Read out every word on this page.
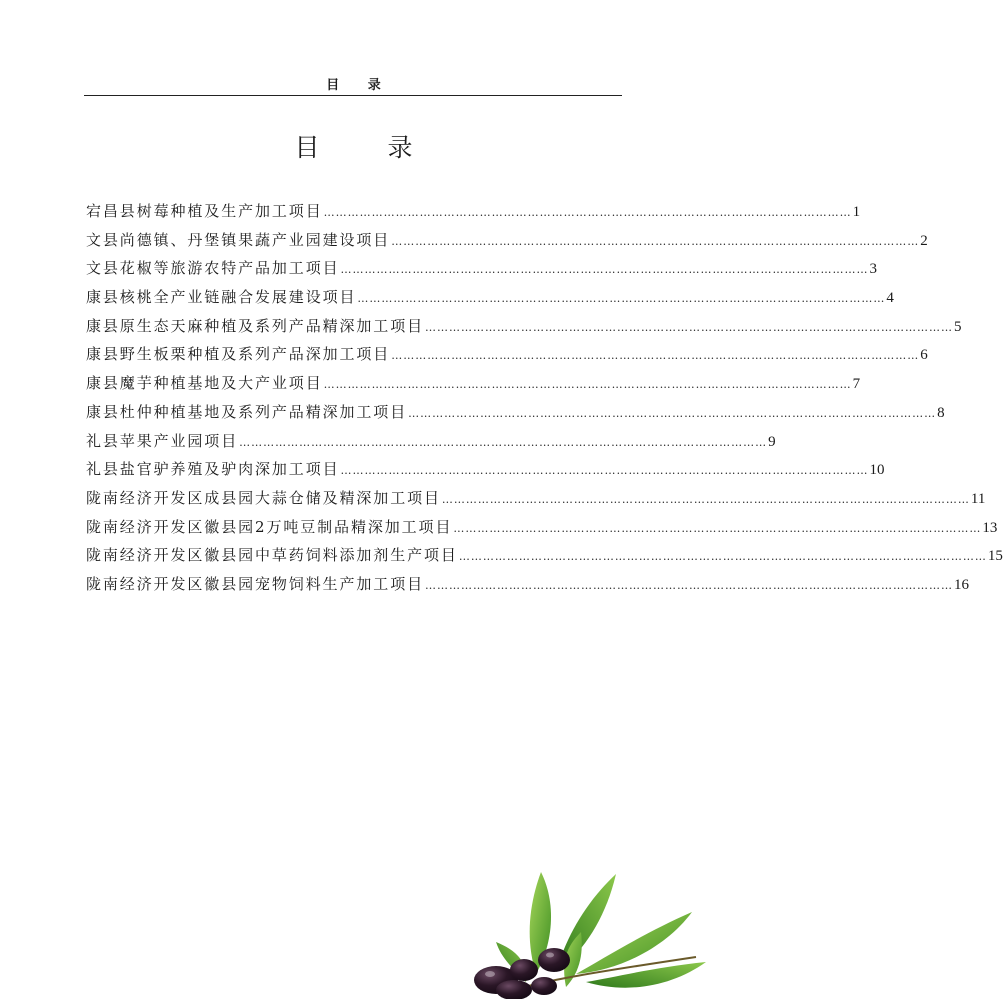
目 录
目 录
宕昌县树莓种植及生产加工项目 …………………………………………………………………………………………………………………… 1
文县尚德镇、丹堡镇果蔬产业园建设项目 …………………………………………………………………………………………………………………… 2
文县花椒等旅游农特产品加工项目 …………………………………………………………………………………………………………………… 3
康县核桃全产业链融合发展建设项目 …………………………………………………………………………………………………………………… 4
康县原生态天麻种植及系列产品精深加工项目 …………………………………………………………………………………………………………………… 5
康县野生板栗种植及系列产品深加工项目 …………………………………………………………………………………………………………………… 6
康县魔芋种植基地及大产业项目 …………………………………………………………………………………………………………………… 7
康县杜仲种植基地及系列产品精深加工项目 …………………………………………………………………………………………………………………… 8
礼县苹果产业园项目 …………………………………………………………………………………………………………………… 9
礼县盐官驴养殖及驴肉深加工项目 …………………………………………………………………………………………………………………… 10
陇南经济开发区成县园大蒜仓储及精深加工项目 …………………………………………………………………………………………………………………… 11
陇南经济开发区徽县园2万吨豆制品精深加工项目 …………………………………………………………………………………………………………………… 13
陇南经济开发区徽县园中草药饲料添加剂生产项目 …………………………………………………………………………………………………………………… 15
陇南经济开发区徽县园宠物饲料生产加工项目 …………………………………………………………………………………………………………………… 16
